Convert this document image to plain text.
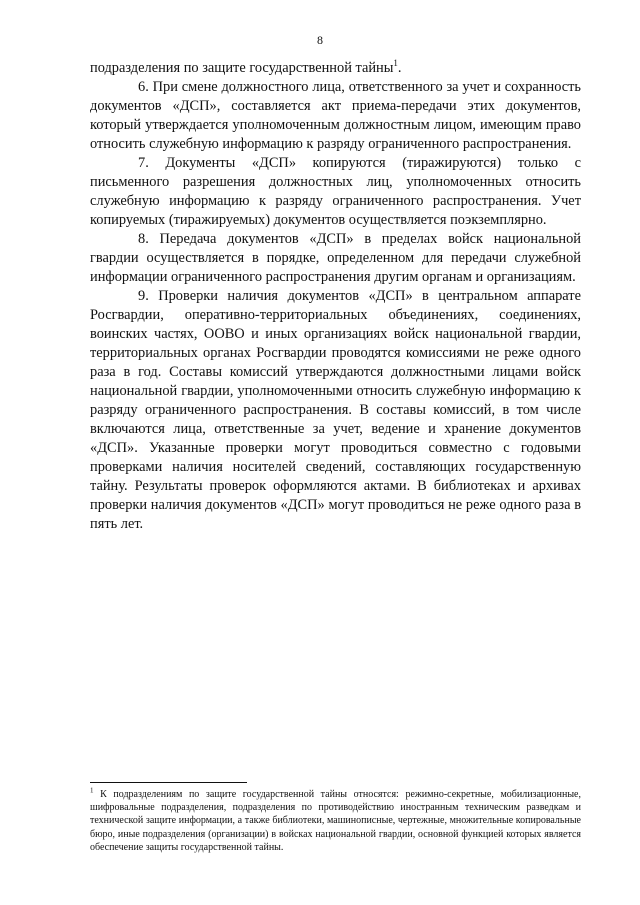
8

подразделения по защите государственной тайны$^1$.

6. При смене должностного лица, ответственного за учет и сохранность документов «ДСП», составляется акт приема-передачи этих документов, который утверждается уполномоченным должностным лицом, имеющим право относить служебную информацию к разряду ограниченного распространения.

7. Документы «ДСП» копируются (тиражируются) только с письменного разрешения должностных лиц, уполномоченных относить служебную информацию к разряду ограниченного распространения. Учет копируемых (тиражируемых) документов осуществляется поэкземплярно.

8. Передача документов «ДСП» в пределах войск национальной гвардии осуществляется в порядке, определенном для передачи служебной информации ограниченного распространения другим органам и организациям.

9. Проверки наличия документов «ДСП» в центральном аппарате Росгвардии, оперативно-территориальных объединениях, соединениях, воинских частях, ООВО и иных организациях войск национальной гвардии, территориальных органах Росгвардии проводятся комиссиями не реже одного раза в год. Составы комиссий утверждаются должностными лицами войск национальной гвардии, уполномоченными относить служебную информацию к разряду ограниченного распространения. В составы комиссий, в том числе включаются лица, ответственные за учет, ведение и хранение документов «ДСП». Указанные проверки могут проводиться совместно с годовыми проверками наличия носителей сведений, составляющих государственную тайну. Результаты проверок оформляются актами. В библиотеках и архивах проверки наличия документов «ДСП» могут проводиться не реже одного раза в пять лет.

$^1$ К подразделениям по защите государственной тайны относятся: режимно-секретные, мобилизационные, шифровальные подразделения, подразделения по противодействию иностранным техническим разведкам и технической защите информации, а также библиотеки, машинописные, чертежные, множительные копировальные бюро, иные подразделения (организации) в войсках национальной гвардии, основной функцией которых является обеспечение защиты государственной тайны.
